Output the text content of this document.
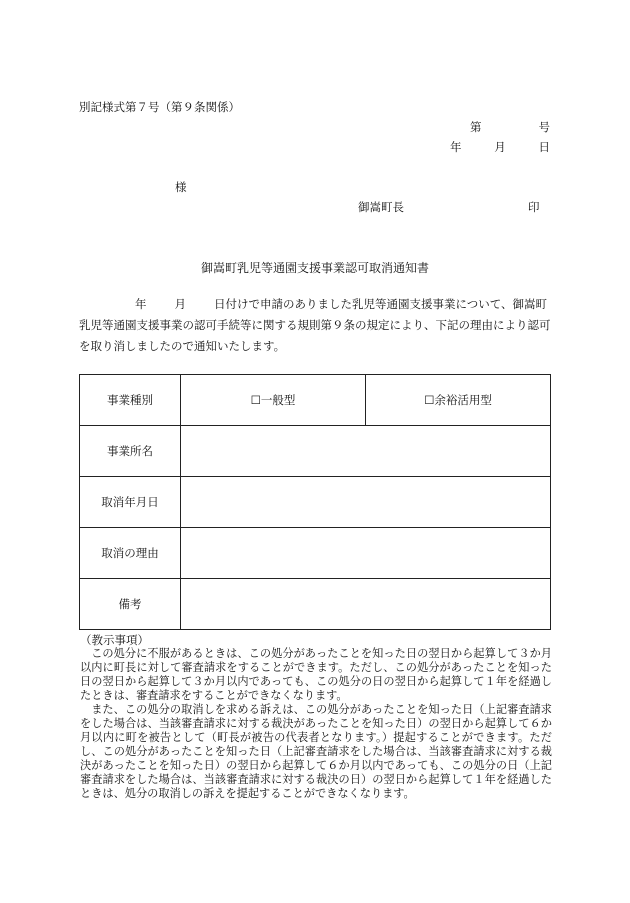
別記様式第７号（第９条関係）
第	号
年	月	日
様
御嵩町長	印
御嵩町乳児等通園支援事業認可取消通知書
年 月 日付けで申請のありました乳児等通園支援事業について、御嵩町乳児等通園支援事業の認可手続等に関する規則第９条の規定により、下記の理由により認可を取り消しましたので通知いたします。
事業種別	☐一般型	☐余裕活用型
事業所名		
取消年月日		
取消の理由		
備考		
（教示事項）

この処分に不服があるときは、この処分があったことを知った日の翌日から起算して３か月以内に町長に対して審査請求をすることができます。ただし、この処分があったことを知った日の翌日から起算して３か月以内であっても、この処分の日の翌日から起算して１年を経過したときは、審査請求をすることができなくなります。

また、この処分の取消しを求める訴えは、この処分があったことを知った日（上記審査請求をした場合は、当該審査請求に対する裁決があったことを知った日）の翌日から起算して６か月以内に町を被告として（町長が被告の代表者となります。）提起することができます。ただし、この処分があったことを知った日（上記審査請求をした場合は、当該審査請求に対する裁決があったことを知った日）の翌日から起算して６か月以内であっても、この処分の日（上記審査請求をした場合は、当該審査請求に対する裁決の日）の翌日から起算して１年を経過したときは、処分の取消しの訴えを提起することができなくなります。
